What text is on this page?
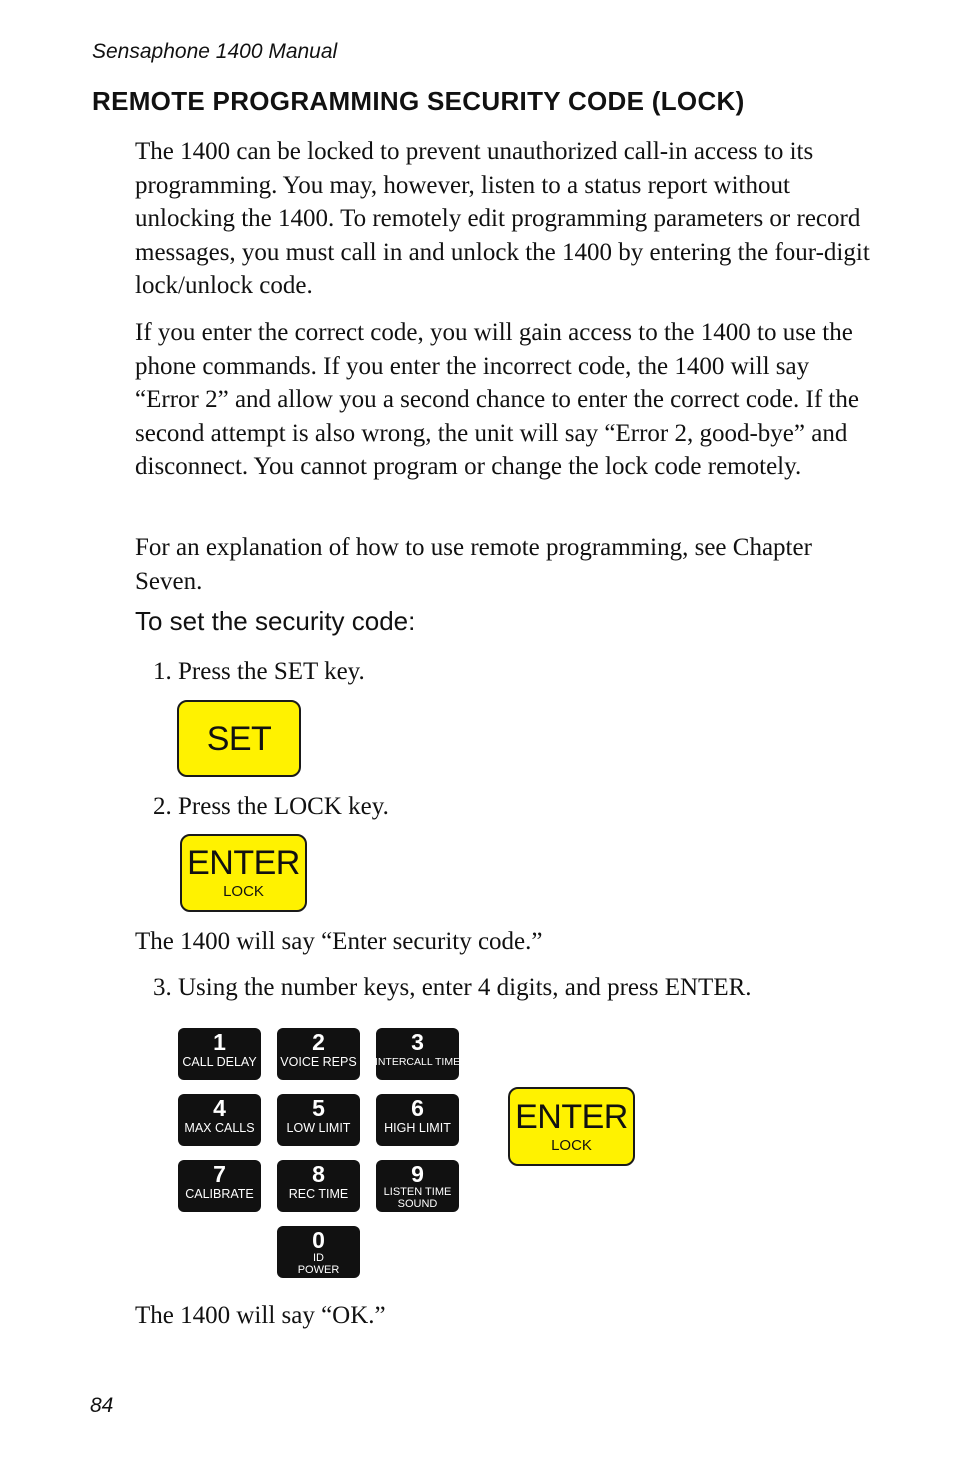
Sensaphone 1400 Manual
REMOTE PROGRAMMING SECURITY CODE (LOCK)

The 1400 can be locked to prevent unauthorized call-in access to its programming. You may, however, listen to a status report without unlocking the 1400. To remotely edit programming parameters or record messages, you must call in and unlock the 1400 by entering the four-digit lock/unlock code.

If you enter the correct code, you will gain access to the 1400 to use the phone commands. If you enter the incorrect code, the 1400 will say “Error 2” and allow you a second chance to enter the correct code. If the second attempt is also wrong, the unit will say “Error 2, good-bye” and disconnect. You cannot program or change the lock code remotely.

For an explanation of how to use remote programming, see Chapter Seven.

To set the security code:
1. Press the SET key.
SET
2. Press the LOCK key.
ENTER
LOCK
The 1400 will say “Enter security code.”
3. Using the number keys, enter 4 digits, and press ENTER.
1
CALL DELAY
2
VOICE REPS
3
INTERCALL TIME
4
MAX CALLS
5
LOW LIMIT
6
HIGH LIMIT
7
CALIBRATE
8
REC TIME
9
LISTEN TIME
SOUND
0
ID
POWER
ENTER
LOCK
The 1400 will say “OK.”
84
